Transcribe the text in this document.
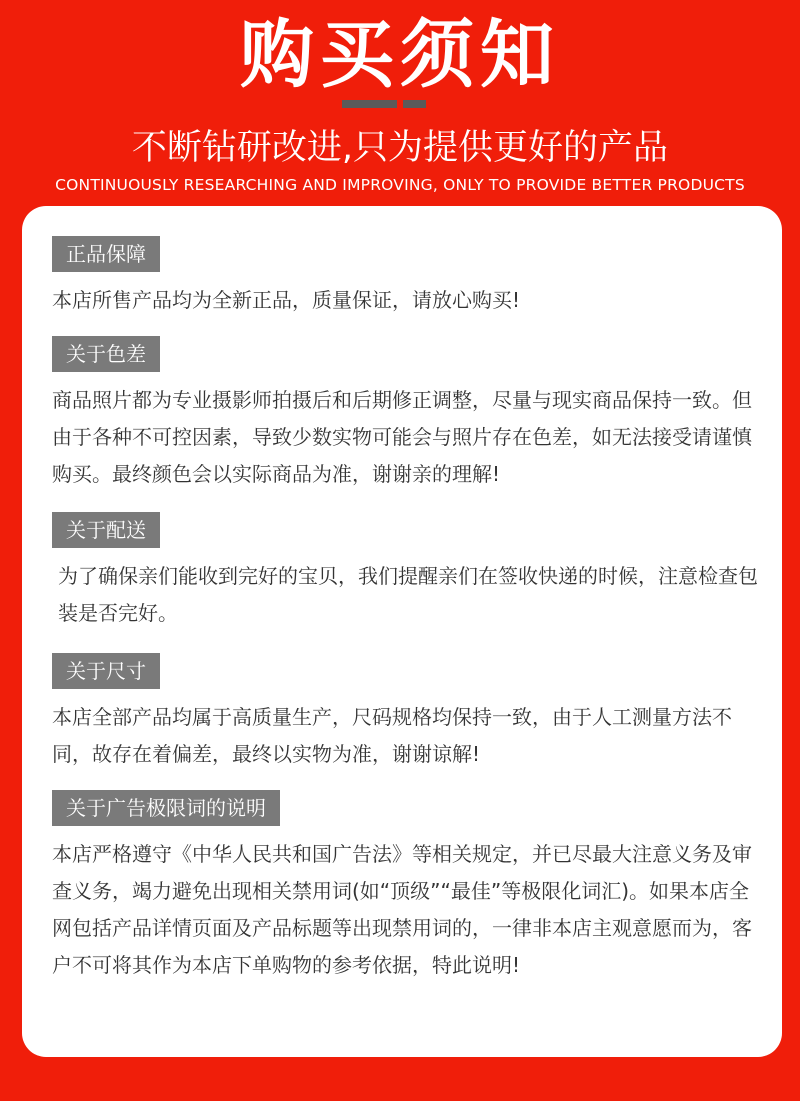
购买须知
不断钻研改进,只为提供更好的产品
CONTINUOUSLY RESEARCHING AND IMPROVING, ONLY TO PROVIDE BETTER PRODUCTS
正品保障
本店所售产品均为全新正品，质量保证，请放心购买!
关于色差
商品照片都为专业摄影师拍摄后和后期修正调整，尽量与现实商品保持一致。但由于各种不可控因素，导致少数实物可能会与照片存在色差，如无法接受请谨慎购买。最终颜色会以实际商品为准，谢谢亲的理解!
关于配送
为了确保亲们能收到完好的宝贝，我们提醒亲们在签收快递的时候，注意检查包装是否完好。
关于尺寸
本店全部产品均属于高质量生产，尺码规格均保持一致，由于人工测量方法不同，故存在着偏差，最终以实物为准，谢谢谅解!
关于广告极限词的说明
本店严格遵守《中华人民共和国广告法》等相关规定，并已尽最大注意义务及审查义务，竭力避免出现相关禁用词(如“顶级”“最佳”等极限化词汇)。如果本店全网包括产品详情页面及产品标题等出现禁用词的，一律非本店主观意愿而为，客户不可将其作为本店下单购物的参考依据，特此说明!
